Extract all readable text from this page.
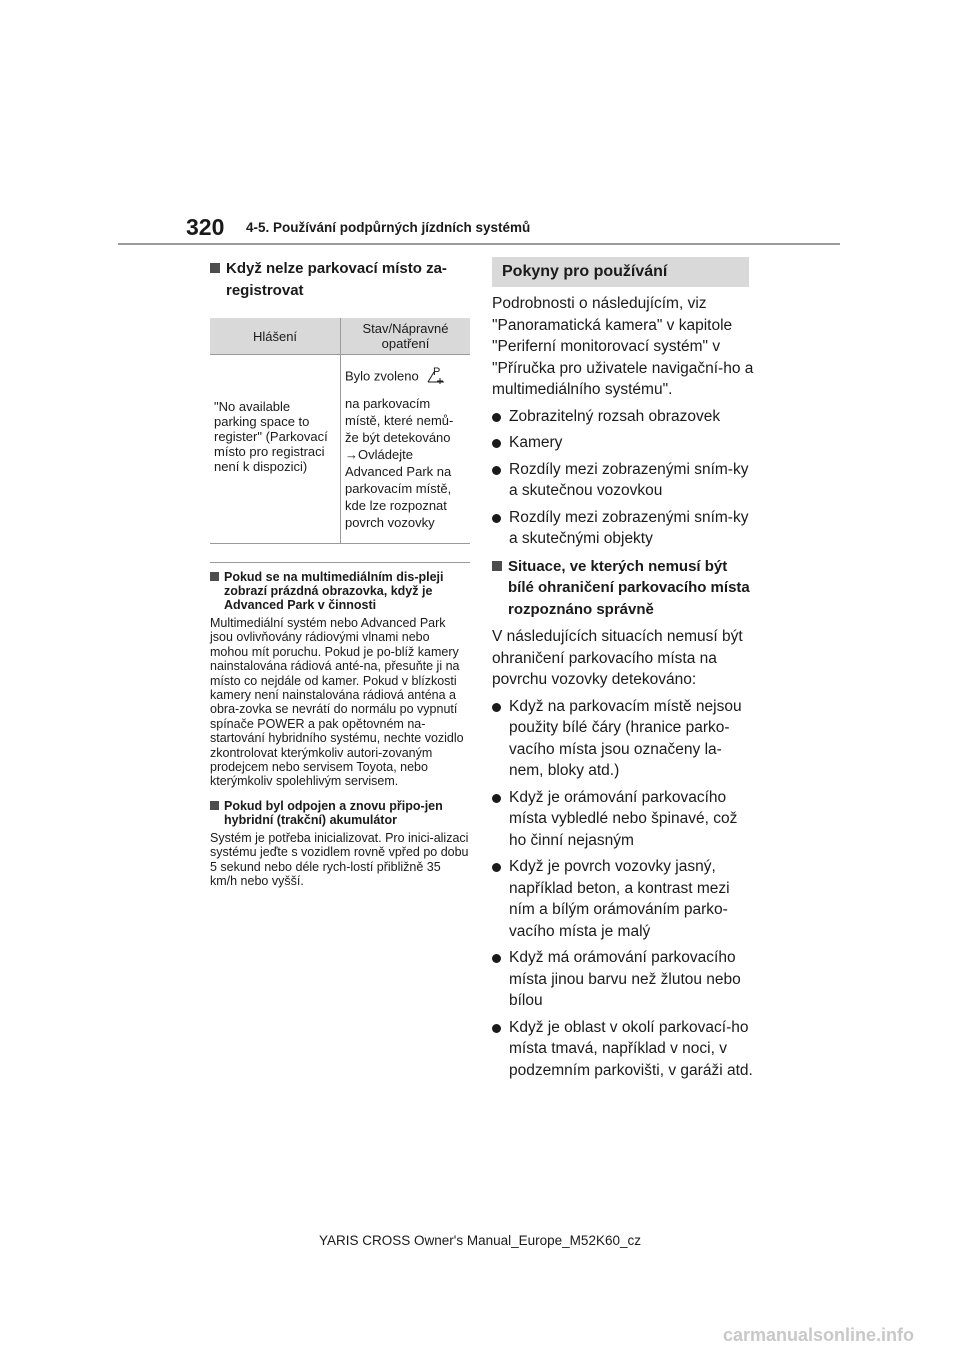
320 4-5. Používání podpůrných jízdních systémů
Když nelze parkovací místo za-registrovat
Hlášení	Stav/Nápravné opatření

"No available parking space to register" (Parkovací místo pro registraci není k dispozici)	Bylo zvoleno P

na parkovacím místě, které nemů-že být detekováno

→Ovládejte Advanced Park na parkovacím místě, kde lze rozpoznat povrch vozovky

Pokud se na multimediálním dis-pleji zobrazí prázdná obrazovka, když je Advanced Park v činnosti

Multimediální systém nebo Advanced Park jsou ovlivňovány rádiovými vlnami nebo mohou mít poruchu. Pokud je po-blíž kamery nainstalována rádiová anté-na, přesuňte ji na místo co nejdále od kamer. Pokud v blízkosti kamery není nainstalována rádiová anténa a obra-zovka se nevrátí do normálu po vypnutí spínače POWER a pak opětovném na-startování hybridního systému, nechte vozidlo zkontrolovat kterýmkoliv autori-zovaným prodejcem nebo servisem Toyota, nebo kterýmkoliv spolehlivým servisem.

Pokud byl odpojen a znovu připo-jen hybridní (trakční) akumulátor

Systém je potřeba inicializovat. Pro inici-alizaci systému jeďte s vozidlem rovně vpřed po dobu 5 sekund nebo déle rych-lostí přibližně 35 km/h nebo vyšší.

Pokyny pro používání

Podrobnosti o následujícím, viz "Panoramatická kamera" v kapitole "Periferní monitorovací systém" v "Příručka pro uživatele navigační-ho a multimediálního systému".

Zobrazitelný rozsah obrazovek
Kamery
Rozdíly mezi zobrazenými sním-ky a skutečnou vozovkou
Rozdíly mezi zobrazenými sním-ky a skutečnými objekty

Situace, ve kterých nemusí být bílé ohraničení parkovacího místa rozpoznáno správně

V následujících situacích nemusí být ohraničení parkovacího místa na povrchu vozovky detekováno:

Když na parkovacím místě nejsou použity bílé čáry (hranice parko-vacího místa jsou označeny la-nem, bloky atd.)
Když je orámování parkovacího místa vybledlé nebo špinavé, což ho činní nejasným
Když je povrch vozovky jasný, například beton, a kontrast mezi ním a bílým orámováním parko-vacího místa je malý
Když má orámování parkovacího místa jinou barvu než žlutou nebo bílou
Když je oblast v okolí parkovací-ho místa tmavá, například v noci, v podzemním parkovišti, v garáži atd.
YARIS CROSS Owner's Manual_Europe_M52K60_cz
carmanualsonline.info
